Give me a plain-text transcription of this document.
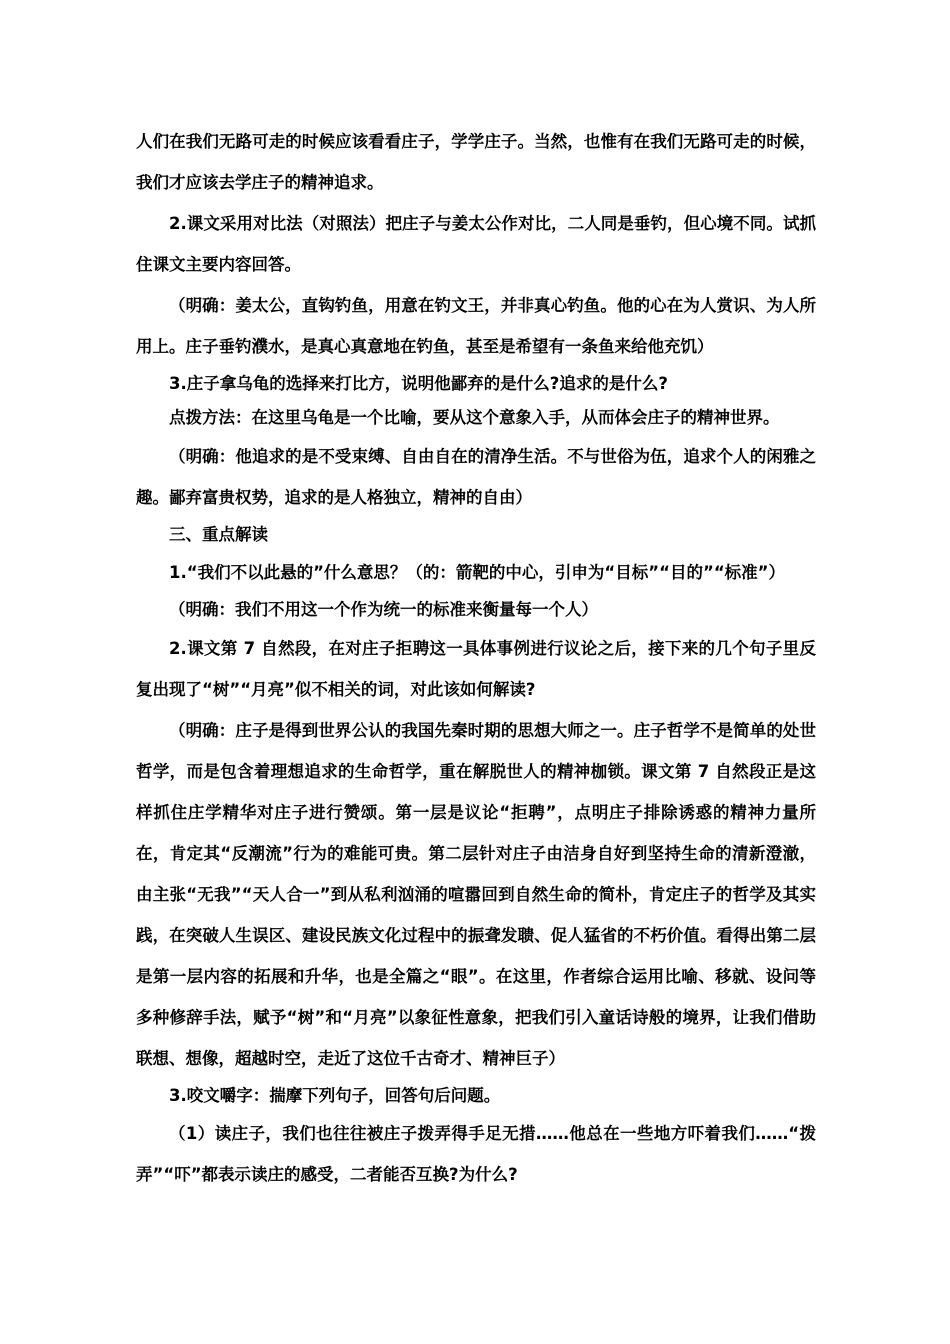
人们在我们无路可走的时候应该看看庄子，学学庄子。当然，也惟有在我们无路可走的时候，我们才应该去学庄子的精神追求。

2.课文采用对比法（对照法）把庄子与姜太公作对比，二人同是垂钓，但心境不同。试抓住课文主要内容回答。

（明确：姜太公，直钩钓鱼，用意在钓文王，并非真心钓鱼。他的心在为人赏识、为人所用上。庄子垂钓濮水，是真心真意地在钓鱼，甚至是希望有一条鱼来给他充饥）

3.庄子拿乌龟的选择来打比方，说明他鄙弃的是什么?追求的是什么?

点拨方法：在这里乌龟是一个比喻，要从这个意象入手，从而体会庄子的精神世界。

（明确：他追求的是不受束缚、自由自在的清净生活。不与世俗为伍，追求个人的闲雅之趣。鄙弃富贵权势，追求的是人格独立，精神的自由）

三、重点解读

1.“我们不以此悬的”什么意思？（的：箭靶的中心，引申为“目标”“目的”“标准”）

（明确：我们不用这一个作为统一的标准来衡量每一个人）

2.课文第 7 自然段，在对庄子拒聘这一具体事例进行议论之后，接下来的几个句子里反复出现了“树”“月亮”似不相关的词，对此该如何解读?

（明确：庄子是得到世界公认的我国先秦时期的思想大师之一。庄子哲学不是简单的处世哲学，而是包含着理想追求的生命哲学，重在解脱世人的精神枷锁。课文第 7 自然段正是这样抓住庄学精华对庄子进行赞颂。第一层是议论“拒聘”，点明庄子排除诱惑的精神力量所在，肯定其“反潮流”行为的难能可贵。第二层针对庄子由洁身自好到坚持生命的清新澄澈，由主张“无我”“天人合一”到从私利汹涌的喧嚣回到自然生命的简朴，肯定庄子的哲学及其实践，在突破人生误区、建设民族文化过程中的振聋发聩、促人猛省的不朽价值。看得出第二层是第一层内容的拓展和升华，也是全篇之“眼”。在这里，作者综合运用比喻、移就、设问等多种修辞手法，赋予“树”和“月亮”以象征性意象，把我们引入童话诗般的境界，让我们借助联想、想像，超越时空，走近了这位千古奇才、精神巨子）

3.咬文嚼字：揣摩下列句子，回答句后问题。

（1）读庄子，我们也往往被庄子拨弄得手足无措……他总在一些地方吓着我们……“拨弄”“吓”都表示读庄的感受，二者能否互换?为什么?
